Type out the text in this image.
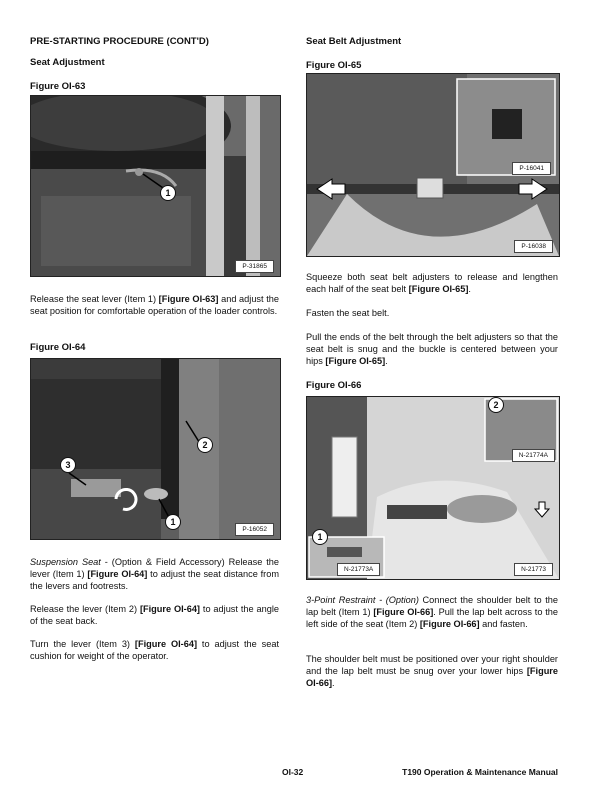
PRE-STARTING PROCEDURE (CONT'D)

Seat Adjustment

Figure OI-63

1
P-31865

Release the seat lever (Item 1) [Figure OI-63] and adjust the seat position for comfortable operation of the loader controls.

Figure OI-64

3
2
1
P-16052

Suspension Seat - (Option & Field Accessory) Release the lever (Item 1) [Figure OI-64] to adjust the seat distance from the levers and footrests.

Release the lever (Item 2) [Figure OI-64] to adjust the angle of the seat back.

Turn the lever (Item 3) [Figure OI-64] to adjust the seat cushion for weight of the operator.

Seat Belt Adjustment

Figure OI-65

P-16041
P-16038

Squeeze both seat belt adjusters to release and lengthen each half of the seat belt [Figure OI-65].

Fasten the seat belt.

Pull the ends of the belt through the belt adjusters so that the seat belt is snug and the buckle is centered between your hips [Figure OI-65].

Figure OI-66

2
1
N-21774A
N-21773A	N-21773

3-Point Restraint - (Option) Connect the shoulder belt to the lap belt (Item 1) [Figure OI-66]. Pull the lap belt across to the left side of the seat (Item 2) [Figure OI-66] and fasten.

The shoulder belt must be positioned over your right shoulder and the lap belt must be snug over your lower hips [Figure OI-66].

OI-32	T190 Operation & Maintenance Manual
